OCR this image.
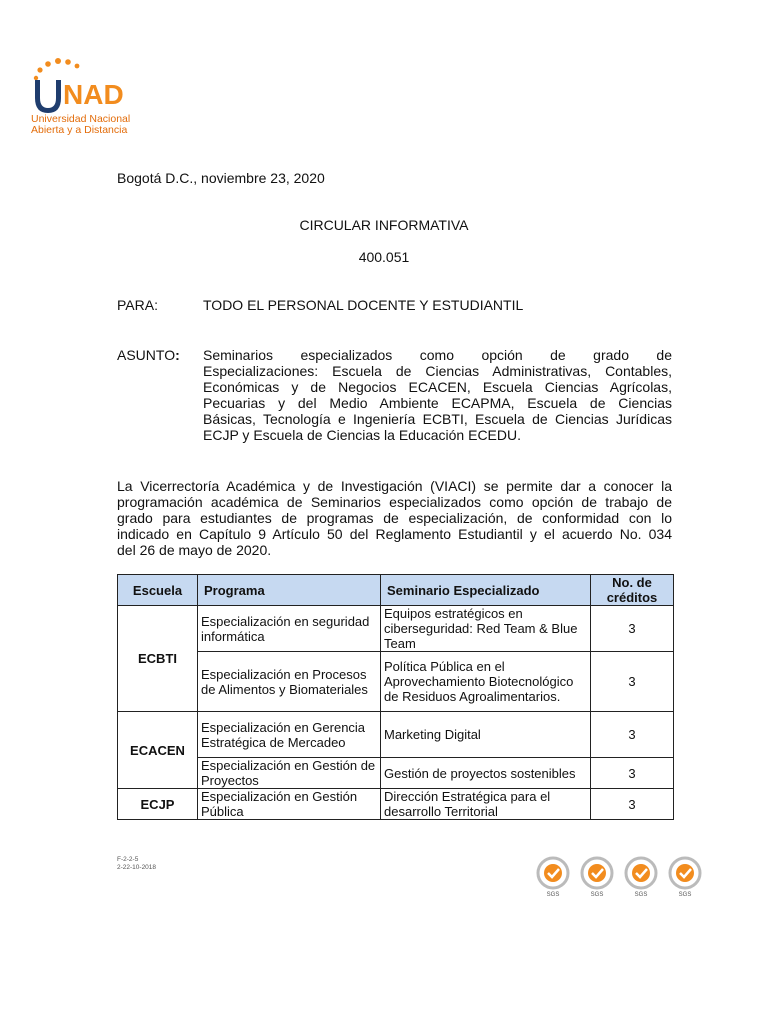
NAD
Universidad Nacional
Abierta y a Distancia
Bogotá D.C., noviembre 23, 2020
CIRCULAR INFORMATIVA
400.051
PARA:	TODO EL PERSONAL DOCENTE Y ESTUDIANTIL
ASUNTO: Seminarios especializados como opción de grado de
Especializaciones: Escuela de Ciencias Administrativas, Contables,
Económicas y de Negocios ECACEN, Escuela Ciencias Agrícolas,
Pecuarias y del Medio Ambiente ECAPMA, Escuela de Ciencias
Básicas, Tecnología e Ingeniería ECBTI, Escuela de Ciencias Jurídicas
ECJP y Escuela de Ciencias la Educación ECEDU.
La Vicerrectoría Académica y de Investigación (VIACI) se permite dar a conocer la
programación académica de Seminarios especializados como opción de trabajo de
grado para estudiantes de programas de especialización, de conformidad con lo
indicado en Capítulo 9 Artículo 50 del Reglamento Estudiantil y el acuerdo No. 034
del 26 de mayo de 2020.
Escuela	Programa	Seminario Especializado	No. de créditos
ECBTI	Especialización en seguridad informática	Equipos estratégicos en ciberseguridad: Red Team & Blue Team	3
	Especialización en Procesos de Alimentos y Biomateriales	Política Pública en el Aprovechamiento Biotecnológico de Residuos Agroalimentarios.	3
ECACEN	Especialización en Gerencia Estratégica de Mercadeo	Marketing Digital	3
	Especialización en Gestión de Proyectos	Gestión de proyectos sostenibles	3
ECJP	Especialización en Gestión Pública	Dirección Estratégica para el desarrollo Territorial	3
F-2-2-5
2-22-10-2018
SGS	SGS	SGS	SGS
